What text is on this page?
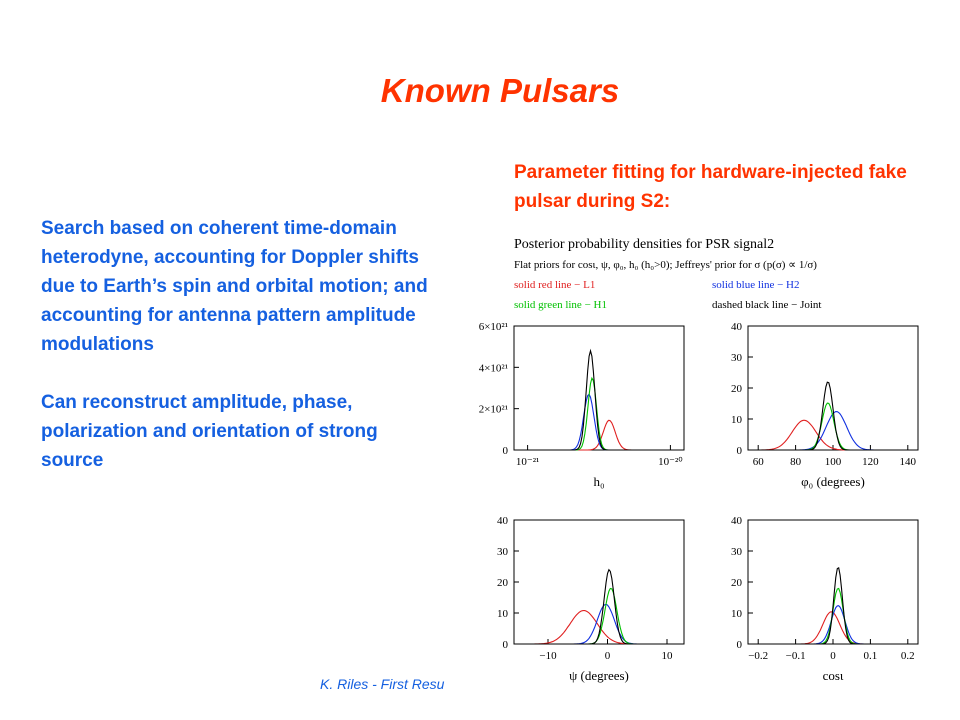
Known Pulsars
Parameter fitting for hardware-injected fake pulsar during S2:

Search based on coherent time-domain heterodyne, accounting for Doppler shifts due to Earth’s spin and orbital motion; and accounting for antenna pattern amplitude modulations

Can reconstruct amplitude, phase, polarization and orientation of strong source

K. Riles - First Resu
Posterior probability densities for PSR signal2
Flat priors for cosι, ψ, φ₀, h₀ (h₀>0); Jeffreys' prior for σ (p(σ) ∝ 1/σ)
solid red line − L1	solid blue line − H2
solid green line − H1	dashed black line − Joint
0
2×10²¹
4×10²¹
6×10²¹
10⁻²¹	10⁻²⁰
h₀
0
10
20
30
40
60 80 100 120 140
φ₀ (degrees)
0
10
20
30
40
−10	0	10
ψ (degrees)
0
10
20
30
40
−0.2 −0.1 0	0.1 0.2
cosι
